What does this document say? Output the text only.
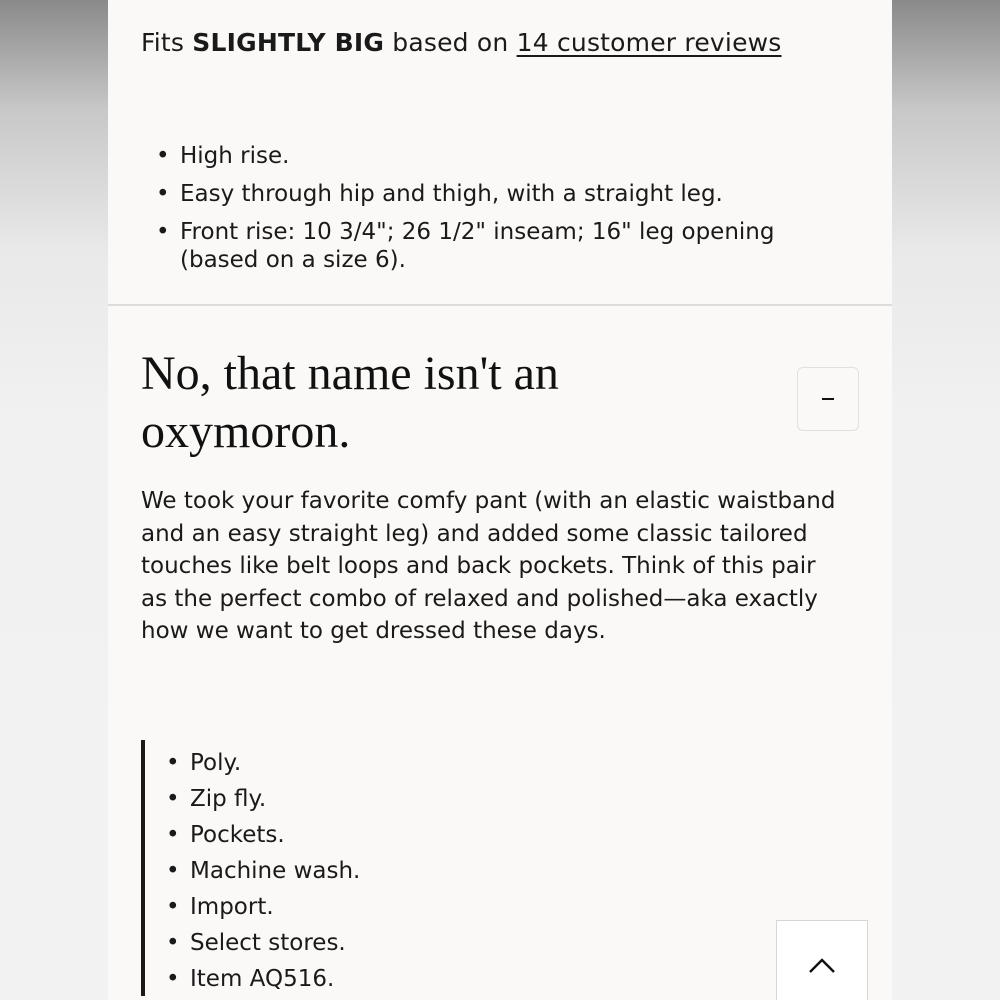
Fits SLIGHTLY BIG based on 14 customer reviews
• High rise.
• Easy through hip and thigh, with a straight leg.
• Front rise: 10 3/4"; 26 1/2" inseam; 16" leg opening (based on a size 6).
No, that name isn't an oxymoron.

We took your favorite comfy pant (with an elastic waistband and an easy straight leg) and added some classic tailored touches like belt loops and back pockets. Think of this pair as the perfect combo of relaxed and polished—aka exactly how we want to get dressed these days.

• Poly.
• Zip fly.
• Pockets.
• Machine wash.
• Import.
• Select stores.
• Item AQ516.
